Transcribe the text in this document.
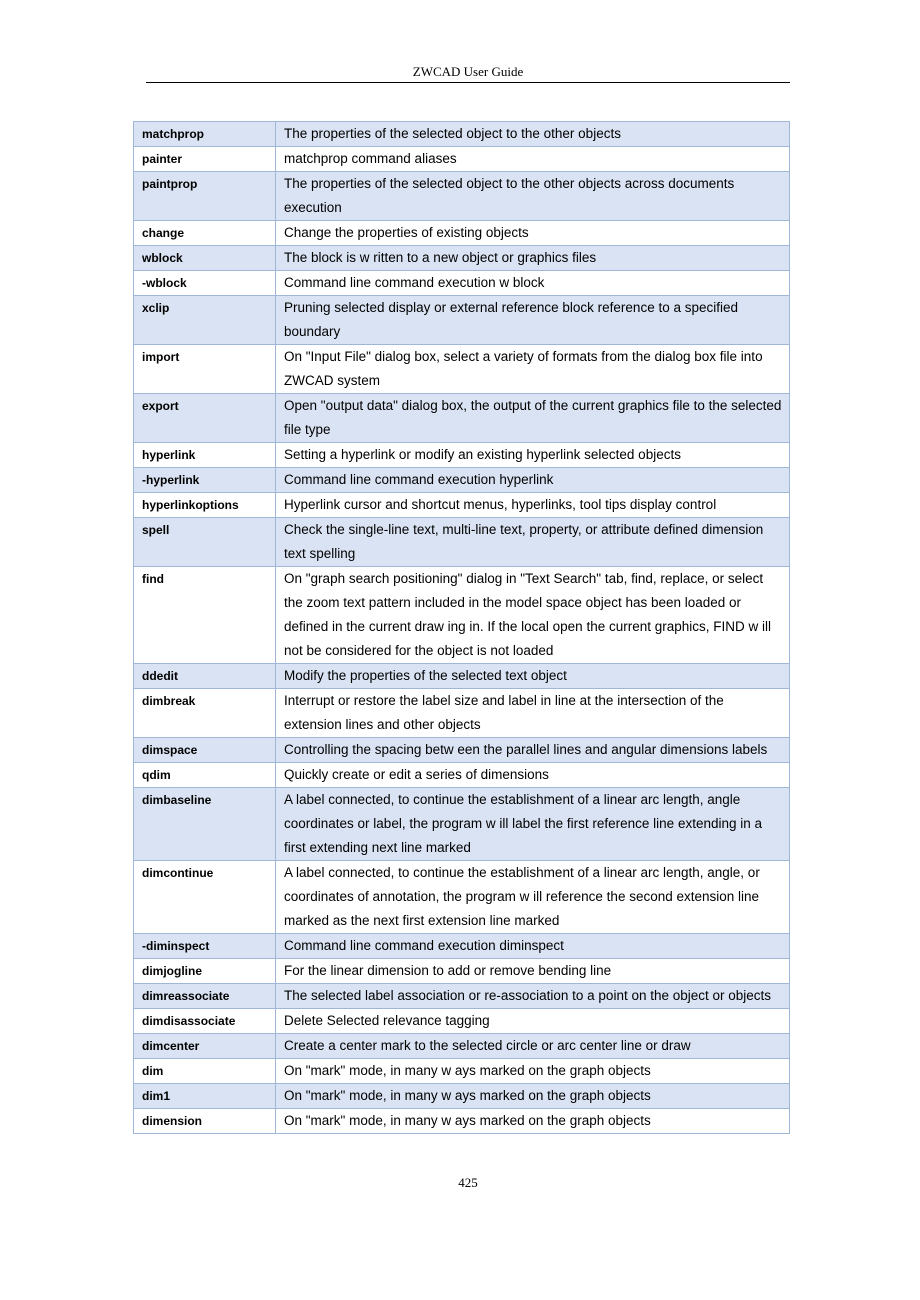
ZWCAD User Guide
matchprop	The properties of the selected object to the other objects
painter	matchprop command aliases
paintprop	The properties of the selected object to the other objects across documents execution
change	Change the properties of existing objects
wblock	The block is w ritten to a new object or graphics files
-wblock	Command line command execution w block
xclip	Pruning selected display or external reference block reference to a specified boundary
import	On "Input File" dialog box, select a variety of formats from the dialog box file into ZWCAD system
export	Open "output data" dialog box, the output of the current graphics file to the selected file type
hyperlink	Setting a hyperlink or modify an existing hyperlink selected objects
-hyperlink	Command line command execution hyperlink
hyperlinkoptions	Hyperlink cursor and shortcut menus, hyperlinks, tool tips display control
spell	Check the single-line text, multi-line text, property, or attribute defined dimension text spelling
find	On "graph search positioning" dialog in "Text Search" tab, find, replace, or select the zoom text pattern included in the model space object has been loaded or defined in the current draw ing in. If the local open the current graphics, FIND w ill not be considered for the object is not loaded
ddedit	Modify the properties of the selected text object
dimbreak	Interrupt or restore the label size and label in line at the intersection of the extension lines and other objects
dimspace	Controlling the spacing betw een the parallel lines and angular dimensions labels
qdim	Quickly create or edit a series of dimensions
dimbaseline	A label connected, to continue the establishment of a linear arc length, angle coordinates or label, the program w ill label the first reference line extending in a first extending next line marked
dimcontinue	A label connected, to continue the establishment of a linear arc length, angle, or coordinates of annotation, the program w ill reference the second extension line marked as the next first extension line marked
-diminspect	Command line command execution diminspect
dimjogline	For the linear dimension to add or remove bending line
dimreassociate	The selected label association or re-association to a point on the object or objects
dimdisassociate	Delete Selected relevance tagging
dimcenter	Create a center mark to the selected circle or arc center line or draw
dim	On "mark" mode, in many w ays marked on the graph objects
dim1	On "mark" mode, in many w ays marked on the graph objects
dimension	On "mark" mode, in many w ays marked on the graph objects
425
